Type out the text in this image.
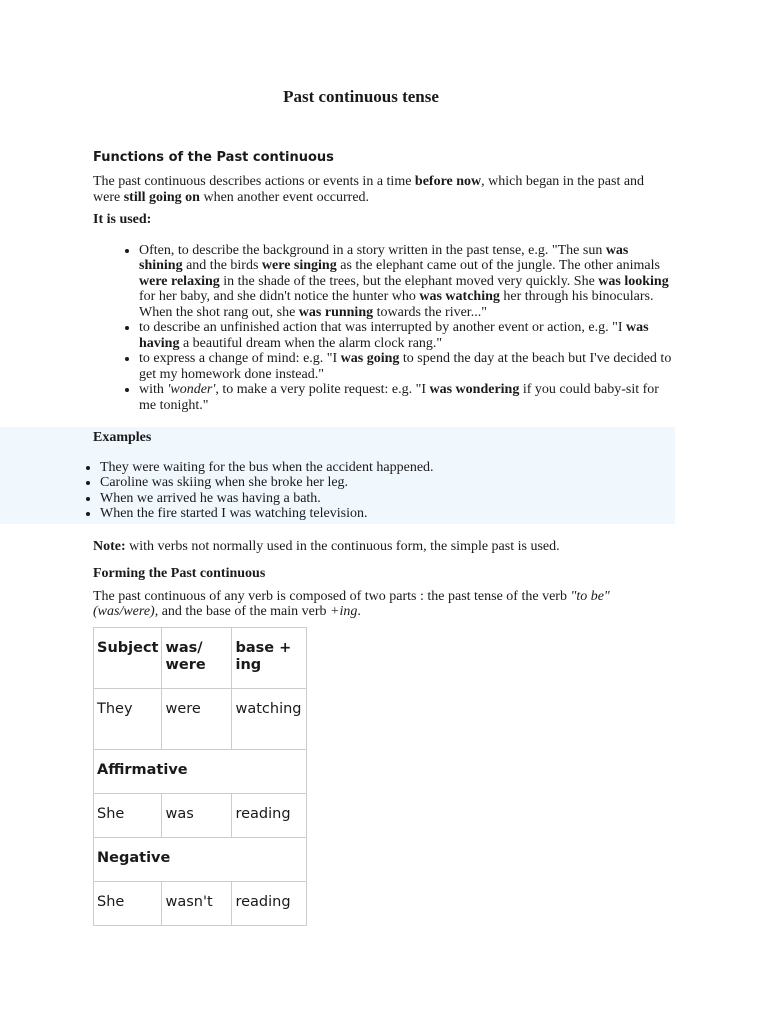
Past continuous tense
Functions of the Past continuous

The past continuous describes actions or events in a time before now, which began in the past and were still going on when another event occurred.

It is used:

• Often, to describe the background in a story written in the past tense, e.g. "The sun was shining and the birds were singing as the elephant came out of the jungle. The other animals were relaxing in the shade of the trees, but the elephant moved very quickly. She was looking for her baby, and she didn't notice the hunter who was watching her through his binoculars. When the shot rang out, she was running towards the river..."
• to describe an unfinished action that was interrupted by another event or action, e.g. "I was having a beautiful dream when the alarm clock rang."
• to express a change of mind: e.g. "I was going to spend the day at the beach but I've decided to get my homework done instead."
• with 'wonder', to make a very polite request: e.g. "I was wondering if you could baby-sit for me tonight."
Examples
• They were waiting for the bus when the accident happened.
• Caroline was skiing when she broke her leg.
• When we arrived he was having a bath.
• When the fire started I was watching television.

Note: with verbs not normally used in the continuous form, the simple past is used.

Forming the Past continuous

The past continuous of any verb is composed of two parts : the past tense of the verb "to be" (was/were), and the base of the main verb +ing.

Subject	was/ were	base + ing
They	were	watching
Affirmative		
She	was	reading
Negative		
She	wasn't	reading
